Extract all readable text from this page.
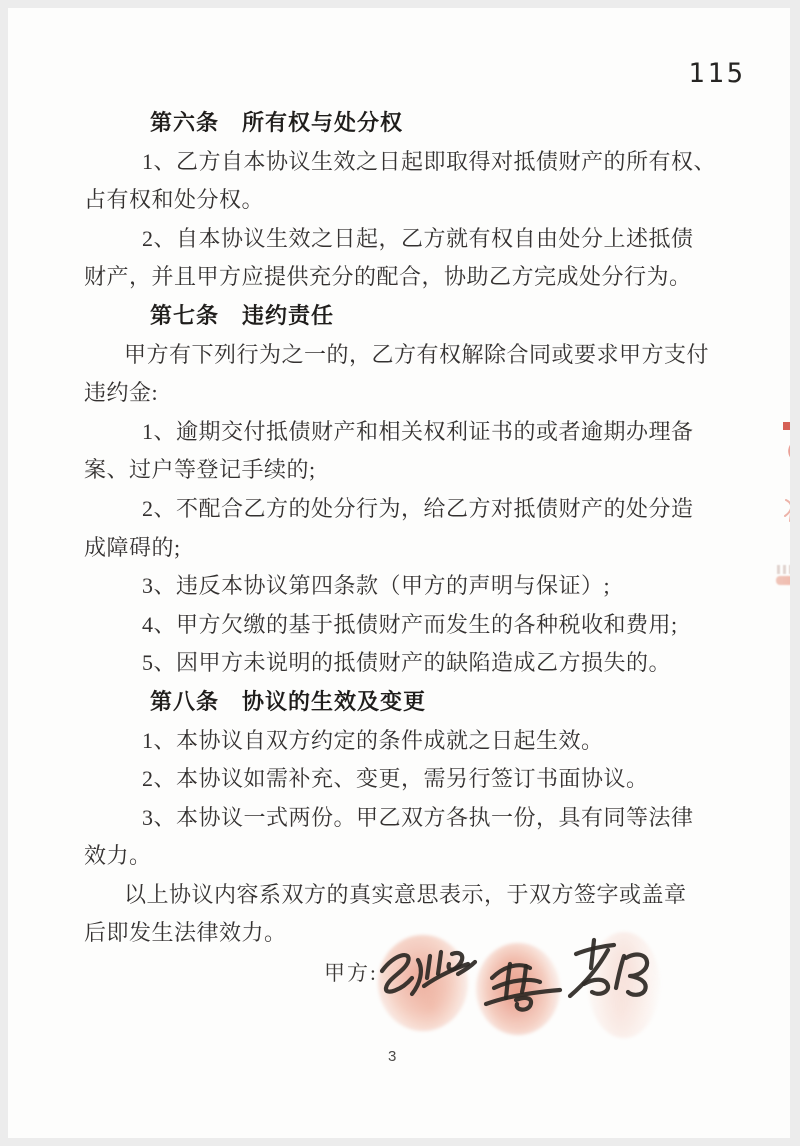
115
第六条　所有权与处分权
1、乙方自本协议生效之日起即取得对抵债财产的所有权、
占有权和处分权。
2、自本协议生效之日起，乙方就有权自由处分上述抵债
财产，并且甲方应提供充分的配合，协助乙方完成处分行为。
第七条　违约责任
甲方有下列行为之一的，乙方有权解除合同或要求甲方支付
违约金:
1、逾期交付抵债财产和相关权利证书的或者逾期办理备
案、过户等登记手续的;
2、不配合乙方的处分行为，给乙方对抵债财产的处分造
成障碍的;
3、违反本协议第四条款（甲方的声明与保证）;
4、甲方欠缴的基于抵债财产而发生的各种税收和费用;
5、因甲方未说明的抵债财产的缺陷造成乙方损失的。
第八条　协议的生效及变更
1、本协议自双方约定的条件成就之日起生效。
2、本协议如需补充、变更，需另行签订书面协议。
3、本协议一式两份。甲乙双方各执一份，具有同等法律
效力。
以上协议内容系双方的真实意思表示，于双方签字或盖章
后即发生法律效力。
甲方:
3
